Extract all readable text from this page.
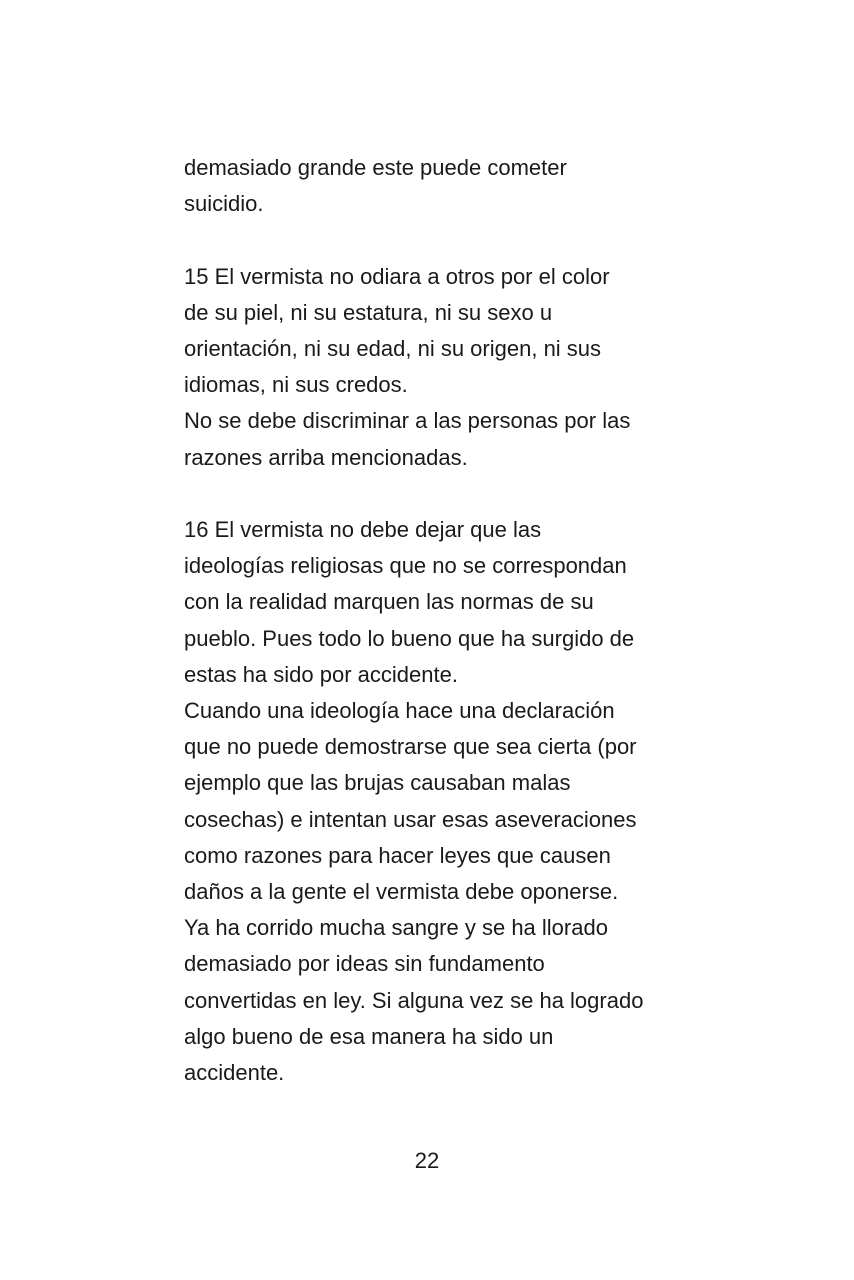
demasiado grande este puede cometer
suicidio.
15 El vermista no odiara a otros por el color
de su piel, ni su estatura, ni su sexo u
orientación, ni su edad, ni su origen, ni sus
idiomas, ni sus credos.
No se debe discriminar a las personas por las
razones arriba mencionadas.
16 El vermista no debe dejar que las
ideologías religiosas que no se correspondan
con la realidad marquen las normas de su
pueblo. Pues todo lo bueno que ha surgido de
estas ha sido por accidente.
Cuando una ideología hace una declaración
que no puede demostrarse que sea cierta (por
ejemplo que las brujas causaban malas
cosechas) e intentan usar esas aseveraciones
como razones para hacer leyes que causen
daños a la gente el vermista debe oponerse.
Ya ha corrido mucha sangre y se ha llorado
demasiado por ideas sin fundamento
convertidas en ley. Si alguna vez se ha logrado
algo bueno de esa manera ha sido un
accidente.
22
